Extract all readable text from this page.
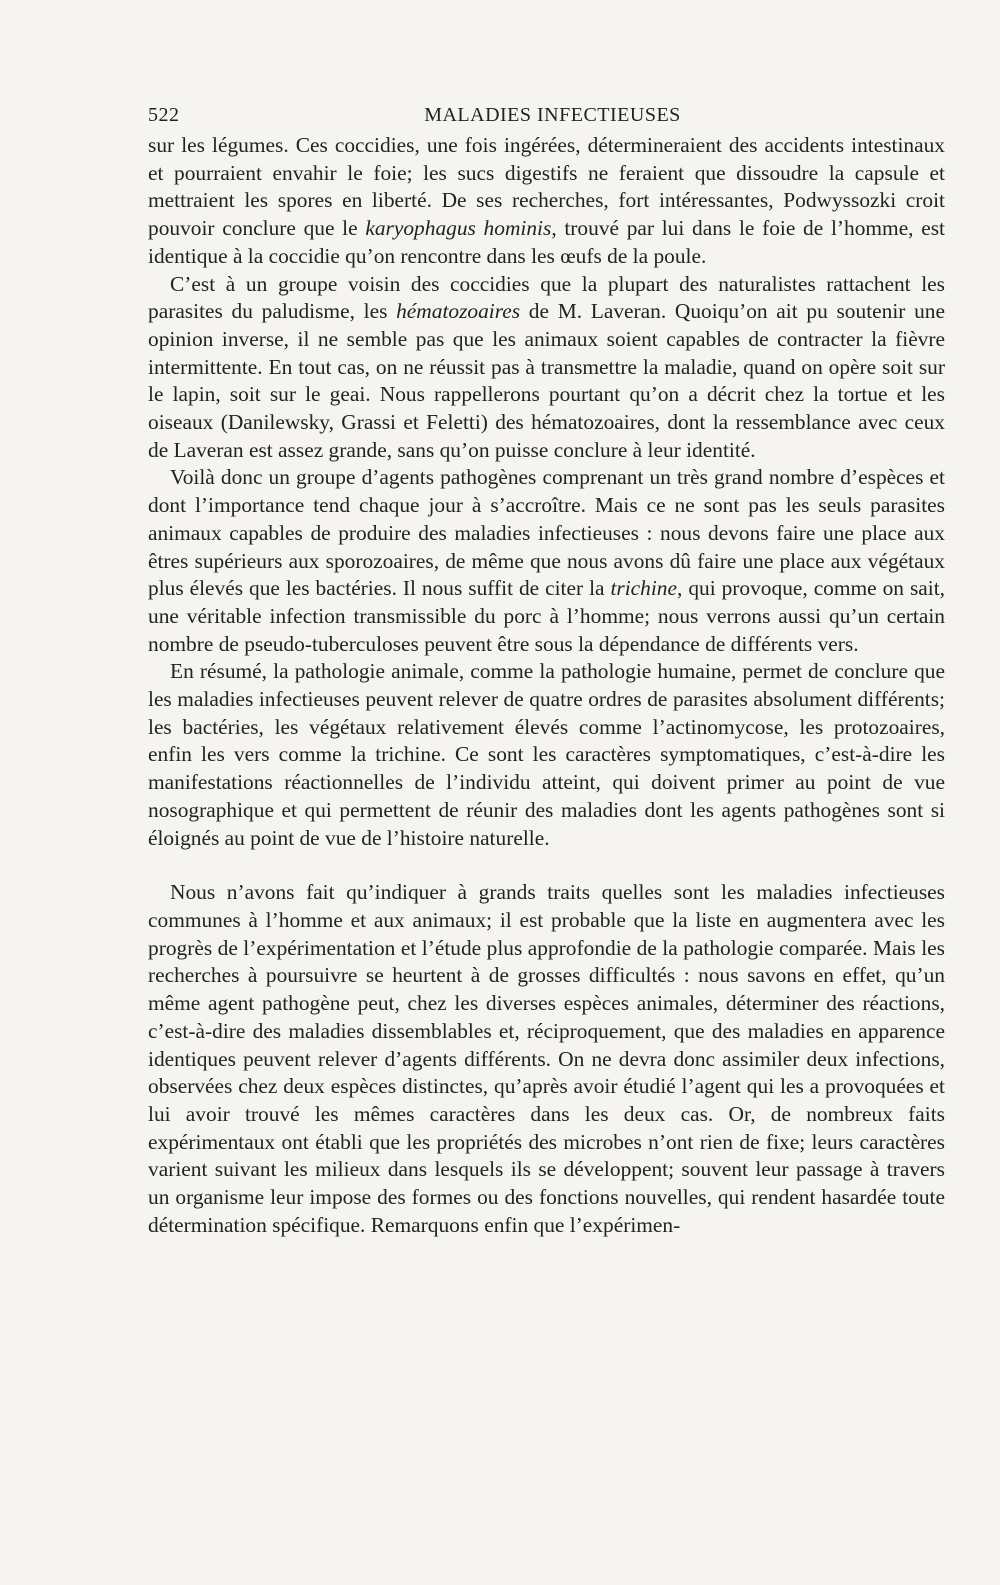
522	MALADIES INFECTIEUSES

sur les légumes. Ces coccidies, une fois ingérées, détermineraient des accidents intestinaux et pourraient envahir le foie; les sucs digestifs ne feraient que dissoudre la capsule et mettraient les spores en liberté. De ses recherches, fort intéressantes, Podwyssozki croit pouvoir conclure que le karyophagus hominis, trouvé par lui dans le foie de l’homme, est identique à la coccidie qu’on rencontre dans les œufs de la poule.

C’est à un groupe voisin des coccidies que la plupart des naturalistes rattachent les parasites du paludisme, les hématozoaires de M. Laveran. Quoiqu’on ait pu soutenir une opinion inverse, il ne semble pas que les animaux soient capables de contracter la fièvre intermittente. En tout cas, on ne réussit pas à transmettre la maladie, quand on opère soit sur le lapin, soit sur le geai. Nous rappellerons pourtant qu’on a décrit chez la tortue et les oiseaux (Danilewsky, Grassi et Feletti) des hématozoaires, dont la ressemblance avec ceux de Laveran est assez grande, sans qu’on puisse conclure à leur identité.

Voilà donc un groupe d’agents pathogènes comprenant un très grand nombre d’espèces et dont l’importance tend chaque jour à s’accroître. Mais ce ne sont pas les seuls parasites animaux capables de produire des maladies infectieuses : nous devons faire une place aux êtres supérieurs aux sporozoaires, de même que nous avons dû faire une place aux végétaux plus élevés que les bactéries. Il nous suffit de citer la trichine, qui provoque, comme on sait, une véritable infection transmissible du porc à l’homme; nous verrons aussi qu’un certain nombre de pseudo-tuberculoses peuvent être sous la dépendance de différents vers.

En résumé, la pathologie animale, comme la pathologie humaine, permet de conclure que les maladies infectieuses peuvent relever de quatre ordres de parasites absolument différents; les bactéries, les végétaux relativement élevés comme l’actinomycose, les protozoaires, enfin les vers comme la trichine. Ce sont les caractères symptomatiques, c’est-à-dire les manifestations réactionnelles de l’individu atteint, qui doivent primer au point de vue nosographique et qui permettent de réunir des maladies dont les agents pathogènes sont si éloignés au point de vue de l’histoire naturelle.

Nous n’avons fait qu’indiquer à grands traits quelles sont les maladies infectieuses communes à l’homme et aux animaux; il est probable que la liste en augmentera avec les progrès de l’expérimentation et l’étude plus approfondie de la pathologie comparée. Mais les recherches à poursuivre se heurtent à de grosses difficultés : nous savons en effet, qu’un même agent pathogène peut, chez les diverses espèces animales, déterminer des réactions, c’est-à-dire des maladies dissemblables et, réciproquement, que des maladies en apparence identiques peuvent relever d’agents différents. On ne devra donc assimiler deux infections, observées chez deux espèces distinctes, qu’après avoir étudié l’agent qui les a provoquées et lui avoir trouvé les mêmes caractères dans les deux cas. Or, de nombreux faits expérimentaux ont établi que les propriétés des microbes n’ont rien de fixe; leurs caractères varient suivant les milieux dans lesquels ils se développent; souvent leur passage à travers un organisme leur impose des formes ou des fonctions nouvelles, qui rendent hasardée toute détermination spécifique. Remarquons enfin que l’expérimen-
